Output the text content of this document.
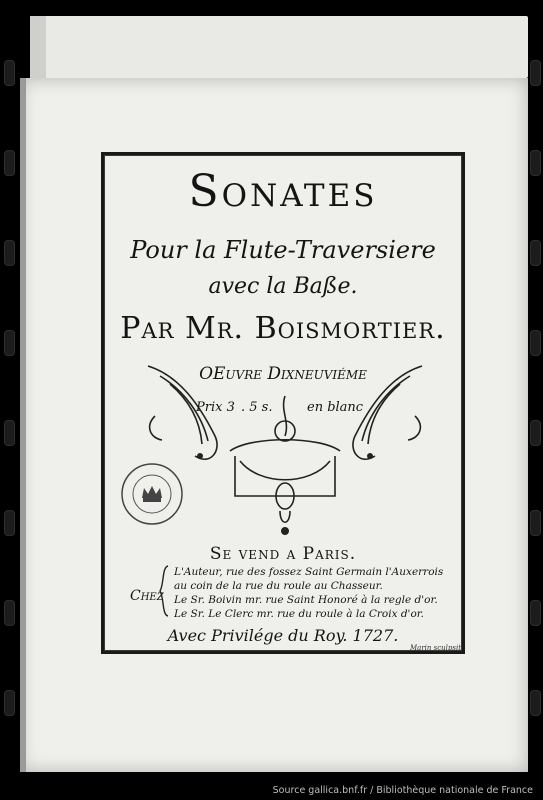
Sonates
Pour la Flute-Traversiere
avec la Baße.
Par Mr. Boismortier.
OEuvre Dixneuviéme
Prix 3 . 5 s.	en blanc
Se vend a Paris.
Chez
L'Auteur, rue des fossez Saint Germain l'Auxerrois
au coin de la rue du roule au Chasseur.
Le Sr. Boivin mr. rue Saint Honoré à la regle d'or.
Le Sr. Le Clerc mr. rue du roule à la Croix d'or.
Avec Privilége du Roy. 1727.
Marin sculpsit
Source gallica.bnf.fr / Bibliothèque nationale de France
